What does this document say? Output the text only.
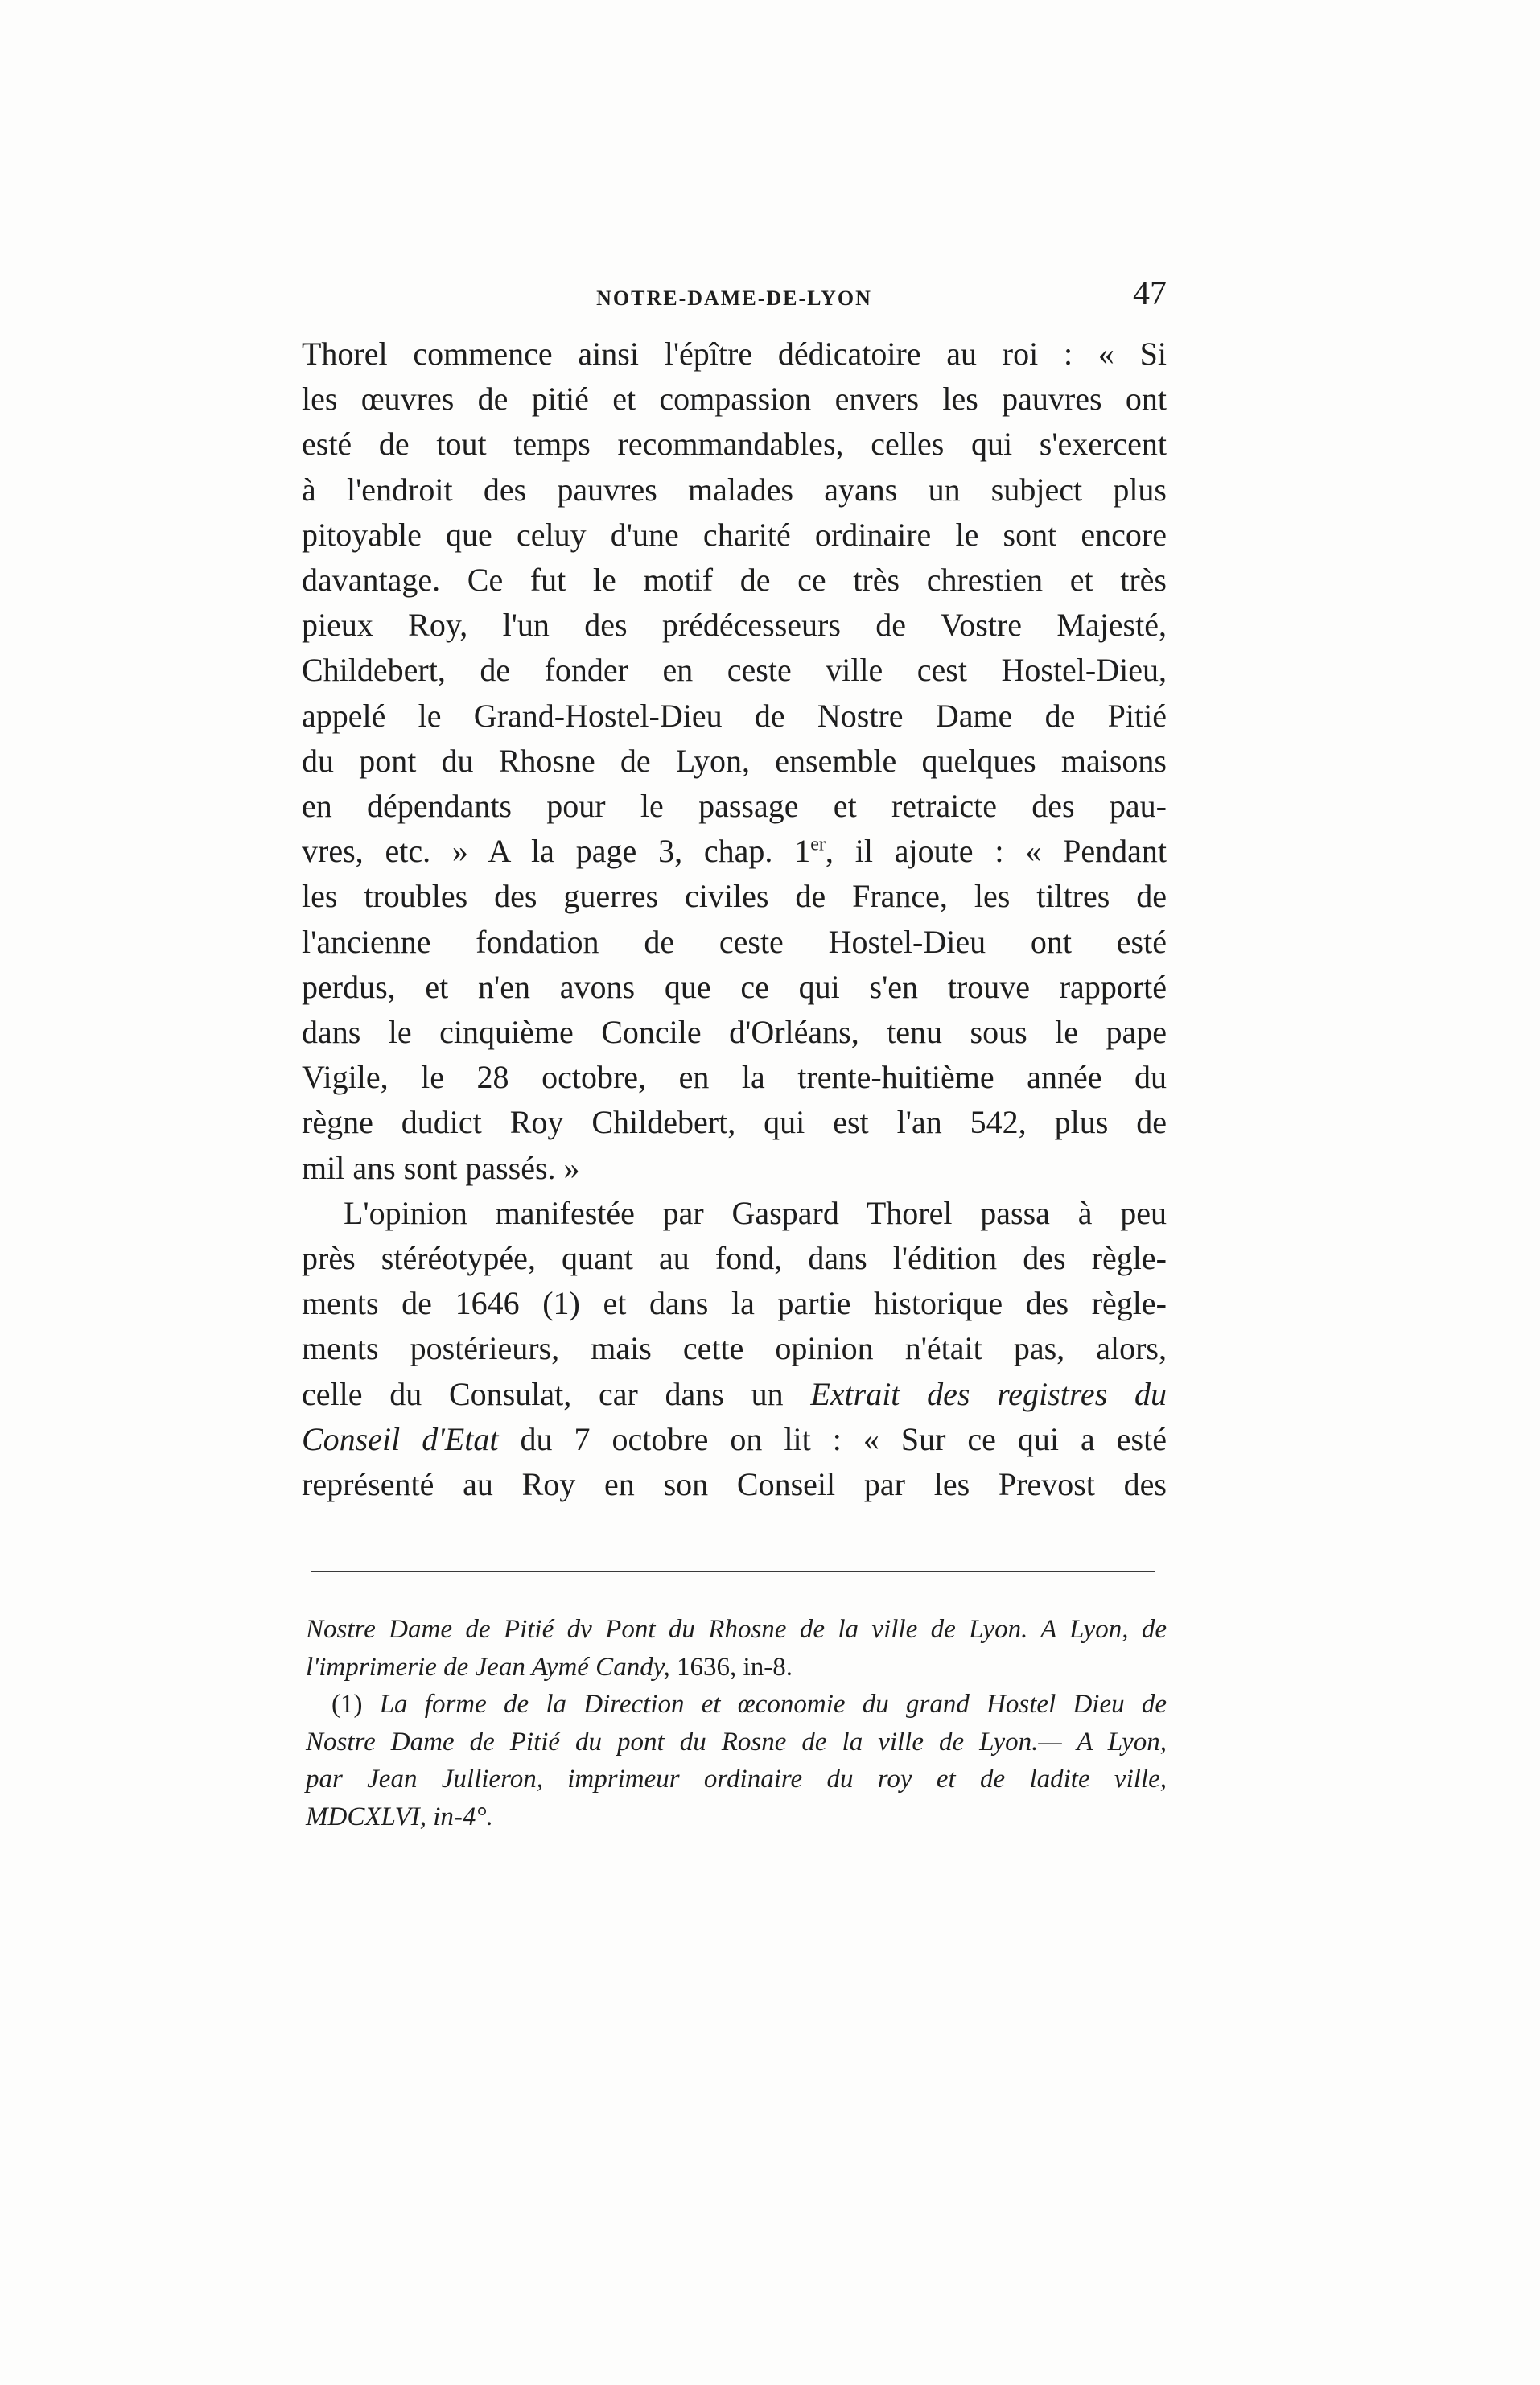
NOTRE-DAME-DE-LYON	47
Thorel commence ainsi l'épître dédicatoire au roi : « Si
les œuvres de pitié et compassion envers les pauvres ont
esté de tout temps recommandables, celles qui s'exercent
à l'endroit des pauvres malades ayans un subject plus
pitoyable que celuy d'une charité ordinaire le sont encore
davantage. Ce fut le motif de ce très chrestien et très
pieux Roy, l'un des prédécesseurs de Vostre Majesté,
Childebert, de fonder en ceste ville cest Hostel-Dieu,
appelé le Grand-Hostel-Dieu de Nostre Dame de Pitié
du pont du Rhosne de Lyon, ensemble quelques maisons
en dépendants pour le passage et retraicte des pau-
vres, etc. » A la page 3, chap. 1er, il ajoute : « Pendant
les troubles des guerres civiles de France, les tiltres de
l'ancienne fondation de ceste Hostel-Dieu ont esté
perdus, et n'en avons que ce qui s'en trouve rapporté
dans le cinquième Concile d'Orléans, tenu sous le pape
Vigile, le 28 octobre, en la trente-huitième année du
règne dudict Roy Childebert, qui est l'an 542, plus de
mil ans sont passés. »
L'opinion manifestée par Gaspard Thorel passa à peu
près stéréotypée, quant au fond, dans l'édition des règle-
ments de 1646 (1) et dans la partie historique des règle-
ments postérieurs, mais cette opinion n'était pas, alors,
celle du Consulat, car dans un Extrait des registres du
Conseil d'Etat du 7 octobre on lit : « Sur ce qui a esté
représenté au Roy en son Conseil par les Prevost des
Nostre Dame de Pitié dv Pont du Rhosne de la ville de Lyon. A Lyon, de
l'imprimerie de Jean Aymé Candy, 1636, in-8.
(1) La forme de la Direction et œconomie du grand Hostel Dieu de
Nostre Dame de Pitié du pont du Rosne de la ville de Lyon.— A Lyon,
par Jean Jullieron, imprimeur ordinaire du roy et de ladite ville,
MDCXLVI, in-4°.
